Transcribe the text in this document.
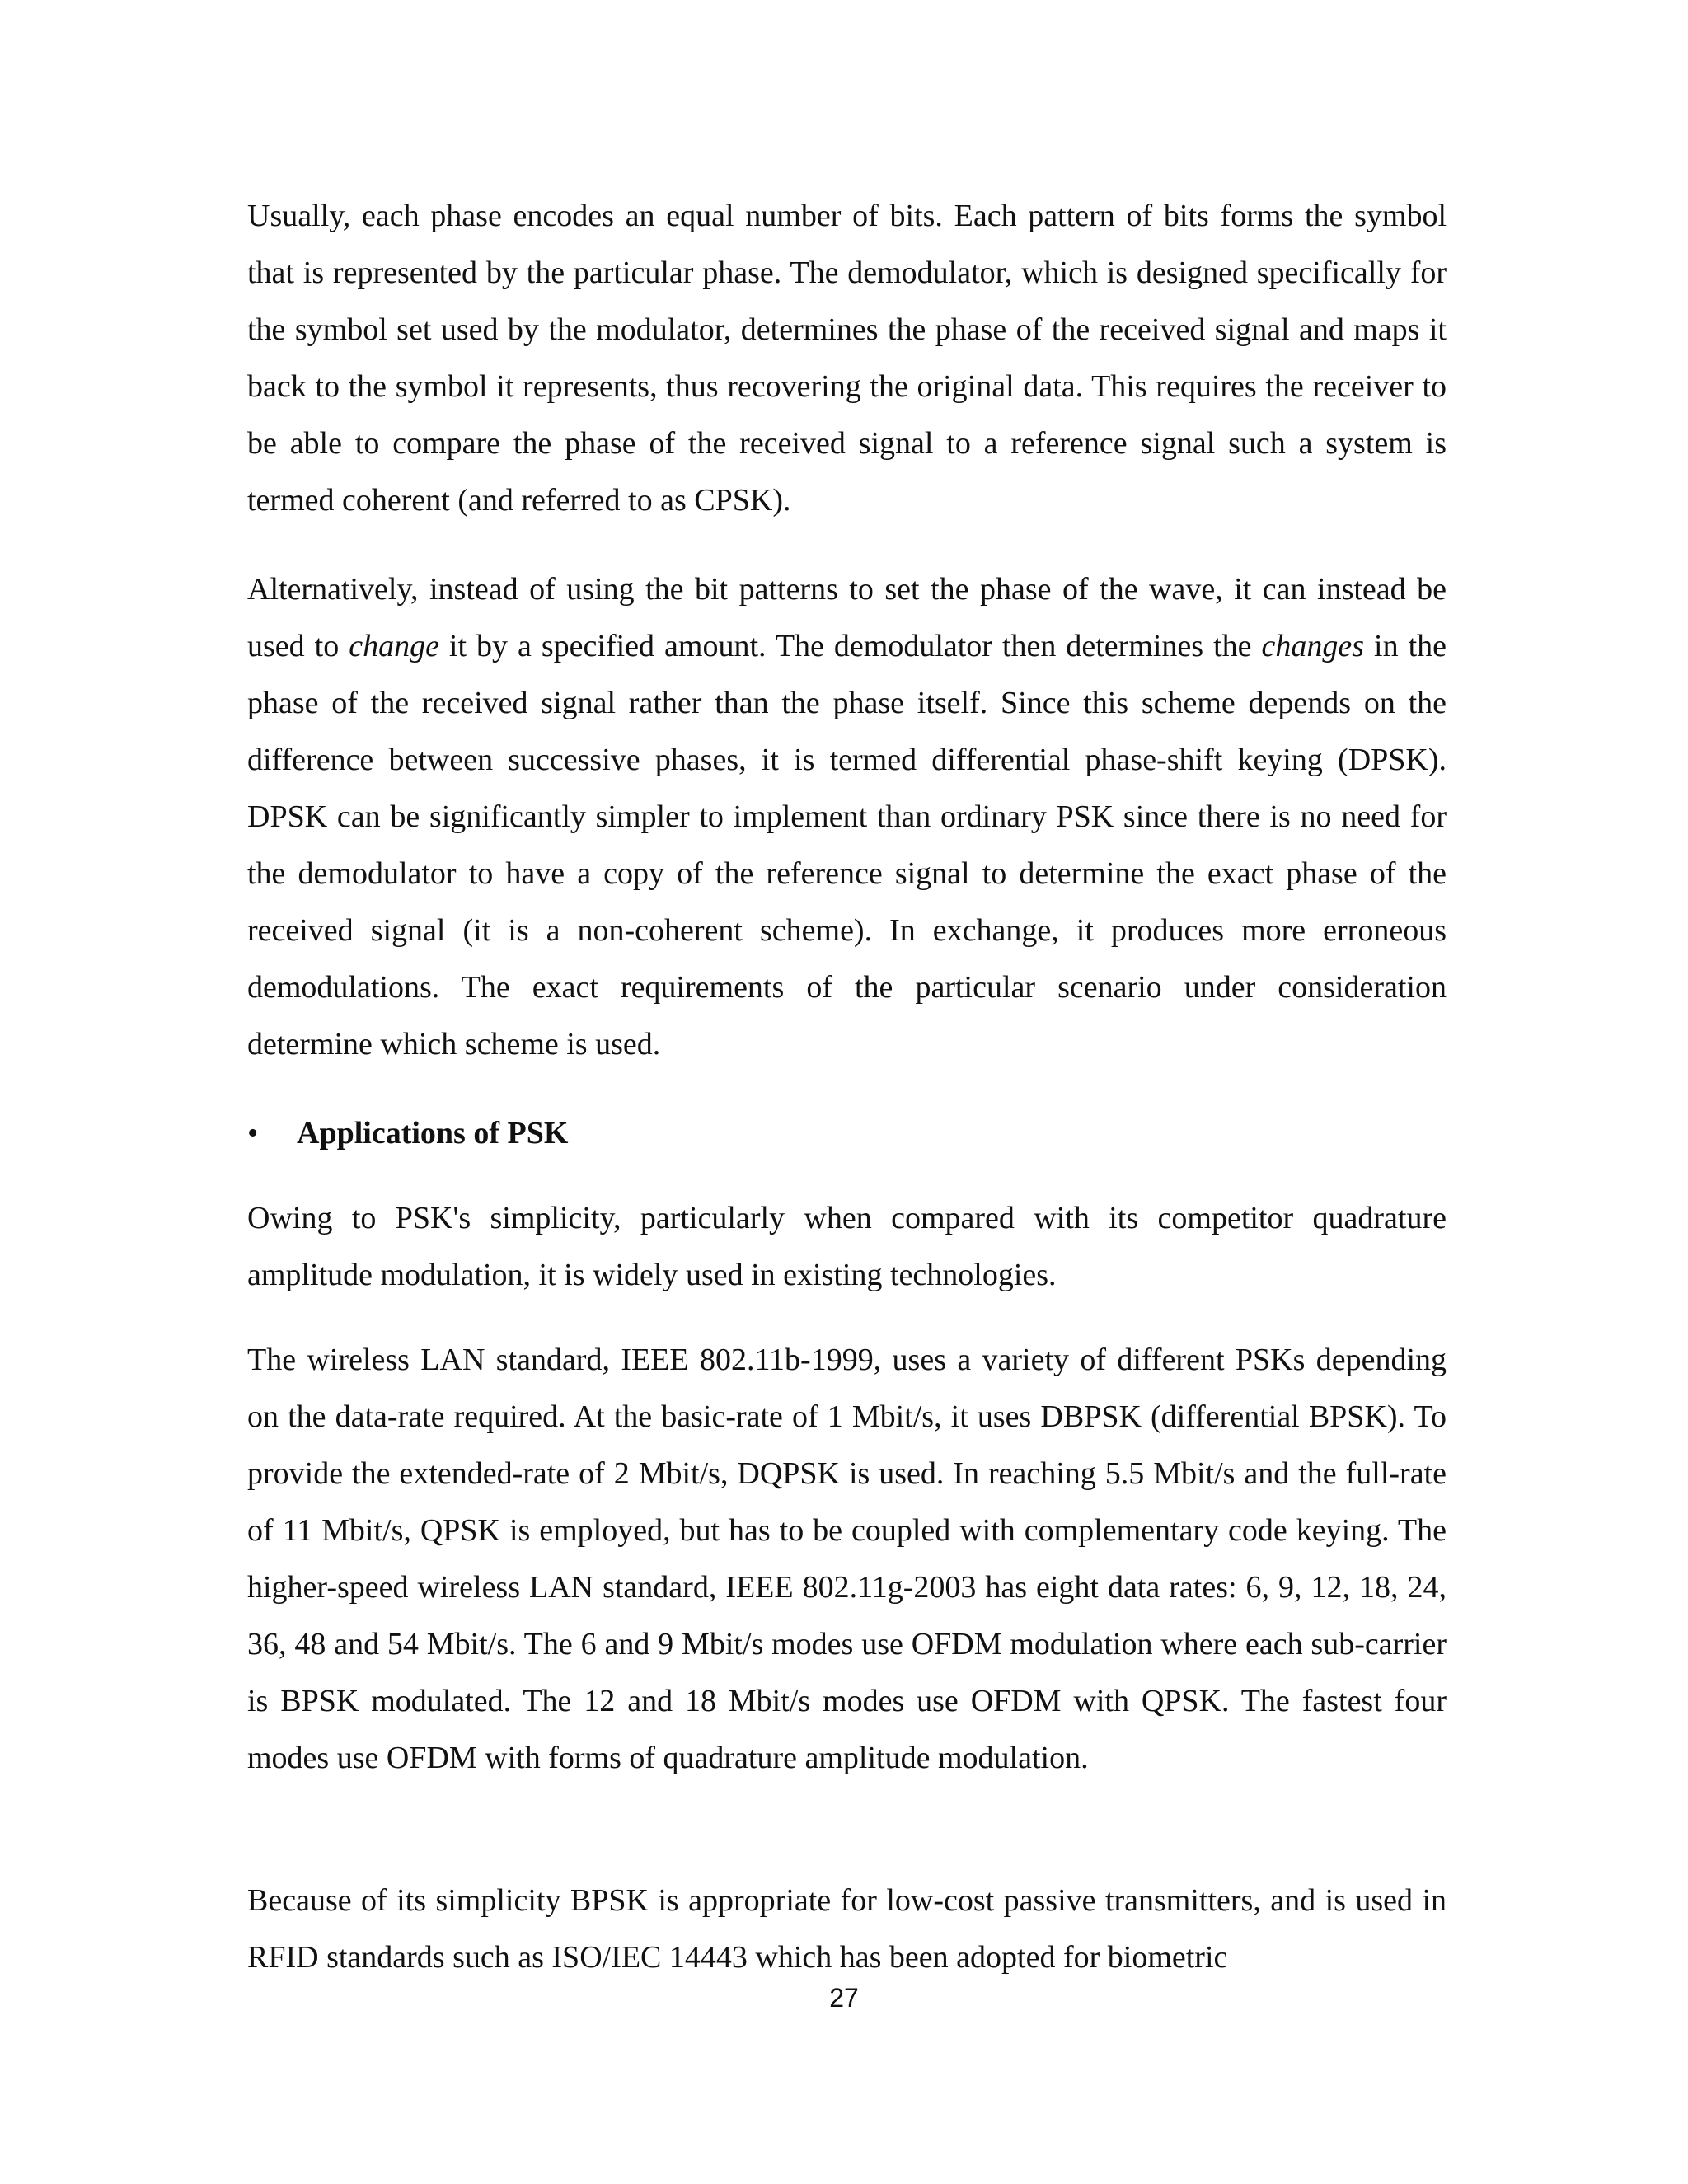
Usually, each phase encodes an equal number of bits. Each pattern of bits forms the symbol that is represented by the particular phase. The demodulator, which is designed specifically for the symbol set used by the modulator, determines the phase of the received signal and maps it back to the symbol it represents, thus recovering the original data. This requires the receiver to be able to compare the phase of the received signal to a reference signal such a system is termed coherent (and referred to as CPSK).

Alternatively, instead of using the bit patterns to set the phase of the wave, it can instead be used to change it by a specified amount. The demodulator then determines the changes in the phase of the received signal rather than the phase itself. Since this scheme depends on the difference between successive phases, it is termed differential phase-shift keying (DPSK). DPSK can be significantly simpler to implement than ordinary PSK since there is no need for the demodulator to have a copy of the reference signal to determine the exact phase of the received signal (it is a non-coherent scheme). In exchange, it produces more erroneous demodulations. The exact requirements of the particular scenario under consideration determine which scheme is used.

• Applications of PSK

Owing to PSK's simplicity, particularly when compared with its competitor quadrature amplitude modulation, it is widely used in existing technologies.

The wireless LAN standard, IEEE 802.11b-1999, uses a variety of different PSKs depending on the data-rate required. At the basic-rate of 1 Mbit/s, it uses DBPSK (differential BPSK). To provide the extended-rate of 2 Mbit/s, DQPSK is used. In reaching 5.5 Mbit/s and the full-rate of 11 Mbit/s, QPSK is employed, but has to be coupled with complementary code keying. The higher-speed wireless LAN standard, IEEE 802.11g-2003 has eight data rates: 6, 9, 12, 18, 24, 36, 48 and 54 Mbit/s. The 6 and 9 Mbit/s modes use OFDM modulation where each sub-carrier is BPSK modulated. The 12 and 18 Mbit/s modes use OFDM with QPSK. The fastest four modes use OFDM with forms of quadrature amplitude modulation.

Because of its simplicity BPSK is appropriate for low-cost passive transmitters, and is used in RFID standards such as ISO/IEC 14443 which has been adopted for biometric

27
